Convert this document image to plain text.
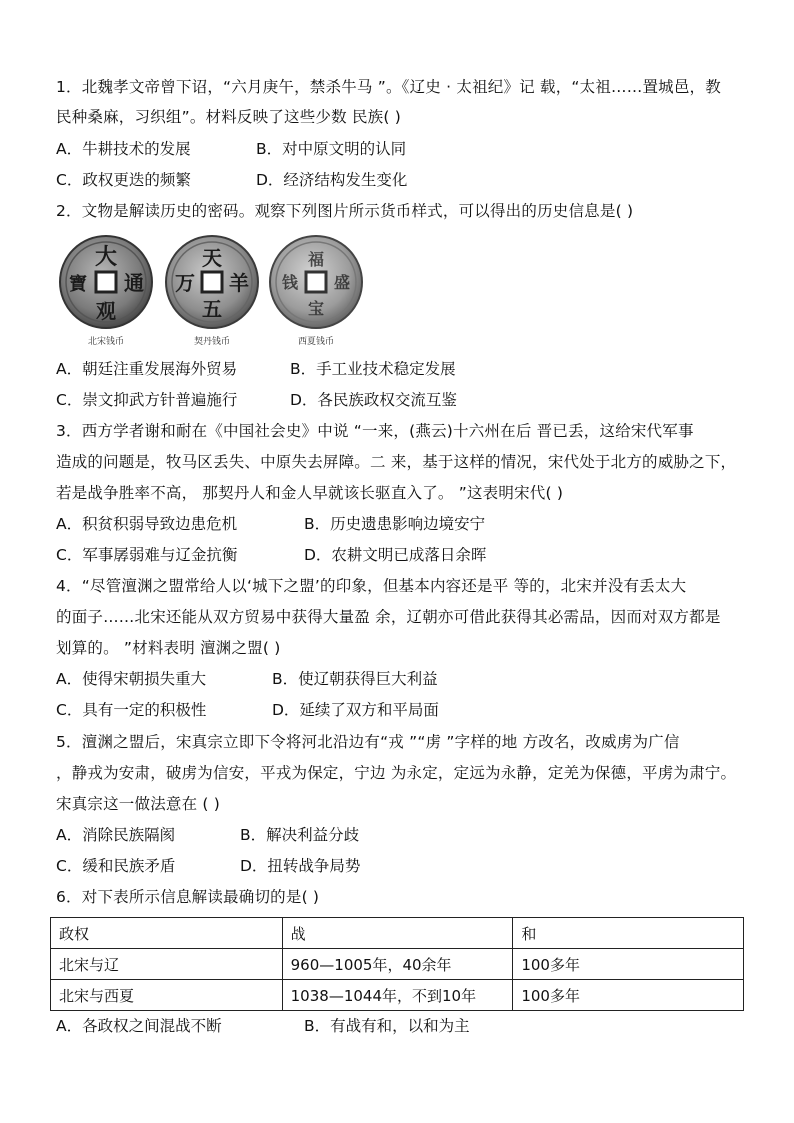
1．北魏孝文帝曾下诏，“六月庚午，禁杀牛马 ”。《辽史 · 太祖纪》记 载，“太祖……置城邑，教
民种桑麻，习织组”。材料反映了这些少数 民族( )
A．牛耕技术的发展	B．对中原文明的认同
C．政权更迭的频繁	D．经济结构发生变化
2．文物是解读历史的密码。观察下列图片所示货币样式，可以得出的历史信息是( )
大
通
观
寶
北宋钱币
天
羊
五
万
契丹钱币
福
盛
宝
钱
西夏钱币
A．朝廷注重发展海外贸易	B．手工业技术稳定发展
C．崇文抑武方针普遍施行	D．各民族政权交流互鉴
3．西方学者谢和耐在《中国社会史》中说 “一来，(燕云)十六州在后 晋已丢，这给宋代军事
造成的问题是，牧马区丢失、中原失去屏障。二 来，基于这样的情况，宋代处于北方的威胁之下，
若是战争胜率不高， 那契丹人和金人早就该长驱直入了。 ”这表明宋代( )
A．积贫积弱导致边患危机	B．历史遗患影响边境安宁
C．军事孱弱难与辽金抗衡	D．农耕文明已成落日余晖
4．“尽管澶渊之盟常给人以‘城下之盟’的印象，但基本内容还是平 等的，北宋并没有丢太大
的面子……北宋还能从双方贸易中获得大量盈 余，辽朝亦可借此获得其必需品，因而对双方都是
划算的。 ”材料表明 澶渊之盟( )
A．使得宋朝损失重大	B．使辽朝获得巨大利益
C．具有一定的积极性	D．延续了双方和平局面
5．澶渊之盟后，宋真宗立即下令将河北沿边有“戎 ”“虏 ”字样的地 方改名，改威虏为广信
，静戎为安肃，破虏为信安，平戎为保定，宁边 为永定，定远为永静，定羌为保德，平虏为肃宁。
宋真宗这一做法意在 ( )
A．消除民族隔阂	B．解决利益分歧
C．缓和民族矛盾	D．扭转战争局势
6．对下表所示信息解读最确切的是( )
政权	战	和
北宋与辽	960—1005年，40余年	100多年
北宋与西夏	1038—1044年，不到10年	100多年
A．各政权之间混战不断	B．有战有和，以和为主
